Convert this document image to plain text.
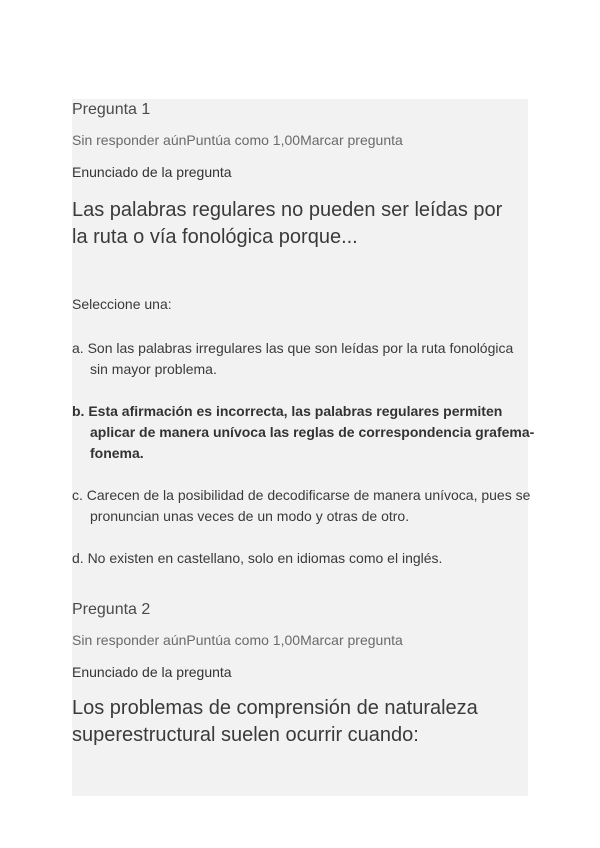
Pregunta 1
Sin responder aúnPuntúa como 1,00Marcar pregunta
Enunciado de la pregunta
Las palabras regulares no pueden ser leídas por la ruta o vía fonológica porque...
Seleccione una:
a. Son las palabras irregulares las que son leídas por la ruta fonológica sin mayor problema.
b. Esta afirmación es incorrecta, las palabras regulares permiten aplicar de manera unívoca las reglas de correspondencia grafema-fonema.
c. Carecen de la posibilidad de decodificarse de manera unívoca, pues se pronuncian unas veces de un modo y otras de otro.
d. No existen en castellano, solo en idiomas como el inglés.
Pregunta 2
Sin responder aúnPuntúa como 1,00Marcar pregunta
Enunciado de la pregunta
Los problemas de comprensión de naturaleza superestructural suelen ocurrir cuando:
